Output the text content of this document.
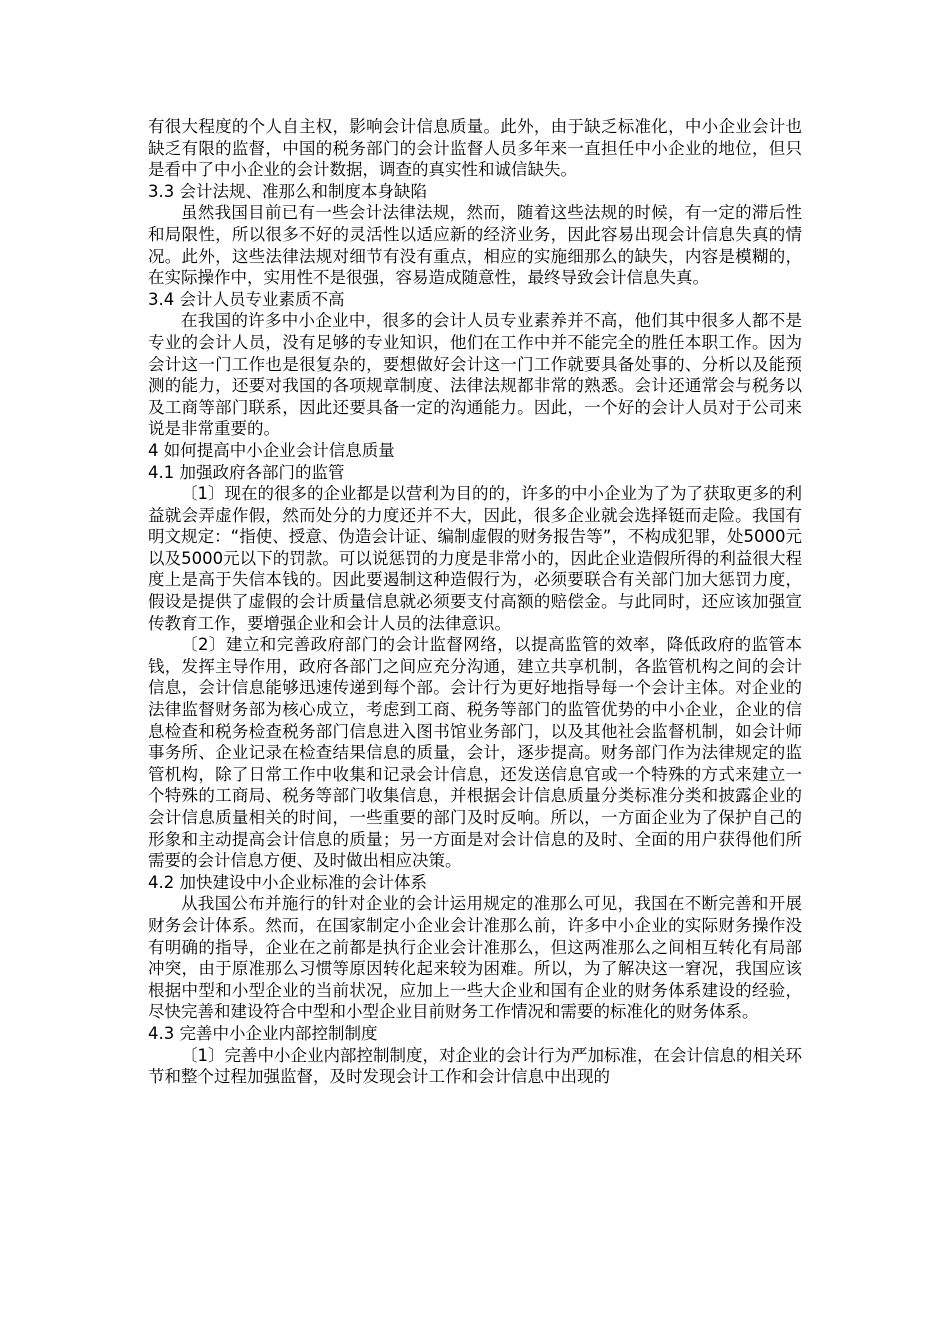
有很大程度的个人自主权，影响会计信息质量。此外，由于缺乏标准化，中小企业会计也缺乏有限的监督，中国的税务部门的会计监督人员多年来一直担任中小企业的地位，但只是看中了中小企业的会计数据，调查的真实性和诚信缺失。

3.3 会计法规、准那么和制度本身缺陷

虽然我国目前已有一些会计法律法规，然而，随着这些法规的时候，有一定的滞后性和局限性，所以很多不好的灵活性以适应新的经济业务，因此容易出现会计信息失真的情况。此外，这些法律法规对细节有没有重点，相应的实施细那么的缺失，内容是模糊的，在实际操作中，实用性不是很强，容易造成随意性，最终导致会计信息失真。

3.4 会计人员专业素质不高

在我国的许多中小企业中，很多的会计人员专业素养并不高，他们其中很多人都不是专业的会计人员，没有足够的专业知识，他们在工作中并不能完全的胜任本职工作。因为会计这一门工作也是很复杂的，要想做好会计这一门工作就要具备处事的、分析以及能预测的能力，还要对我国的各项规章制度、法律法规都非常的熟悉。会计还通常会与税务以及工商等部门联系，因此还要具备一定的沟通能力。因此，一个好的会计人员对于公司来说是非常重要的。

4 如何提高中小企业会计信息质量

4.1 加强政府各部门的监管

〔1〕现在的很多的企业都是以营利为目的的，许多的中小企业为了为了获取更多的利益就会弄虚作假，然而处分的力度还并不大，因此，很多企业就会选择铤而走险。我国有明文规定：“指使、授意、伪造会计证、编制虚假的财务报告等”，不构成犯罪，处5000元以及5000元以下的罚款。可以说惩罚的力度是非常小的，因此企业造假所得的利益很大程度上是高于失信本钱的。因此要遏制这种造假行为，必须要联合有关部门加大惩罚力度，假设是提供了虚假的会计质量信息就必须要支付高额的赔偿金。与此同时，还应该加强宣传教育工作，要增强企业和会计人员的法律意识。

〔2〕建立和完善政府部门的会计监督网络，以提高监管的效率，降低政府的监管本钱，发挥主导作用，政府各部门之间应充分沟通，建立共享机制，各监管机构之间的会计信息，会计信息能够迅速传递到每个部。会计行为更好地指导每一个会计主体。对企业的法律监督财务部为核心成立，考虑到工商、税务等部门的监管优势的中小企业，企业的信息检查和税务检查税务部门信息进入图书馆业务部门，以及其他社会监督机制，如会计师事务所、企业记录在检查结果信息的质量，会计，逐步提高。财务部门作为法律规定的监管机构，除了日常工作中收集和记录会计信息，还发送信息官或一个特殊的方式来建立一个特殊的工商局、税务等部门收集信息，并根据会计信息质量分类标准分类和披露企业的会计信息质量相关的时间，一些重要的部门及时反响。所以，一方面企业为了保护自己的形象和主动提高会计信息的质量；另一方面是对会计信息的及时、全面的用户获得他们所需要的会计信息方便、及时做出相应决策。

4.2 加快建设中小企业标准的会计体系

从我国公布并施行的针对企业的会计运用规定的准那么可见，我国在不断完善和开展财务会计体系。然而，在国家制定小企业会计准那么前，许多中小企业的实际财务操作没有明确的指导，企业在之前都是执行企业会计准那么，但这两准那么之间相互转化有局部冲突，由于原准那么习惯等原因转化起来较为困难。所以，为了解决这一窘况，我国应该根据中型和小型企业的当前状况，应加上一些大企业和国有企业的财务体系建设的经验，尽快完善和建设符合中型和小型企业目前财务工作情况和需要的标准化的财务体系。

4.3 完善中小企业内部控制制度

〔1〕完善中小企业内部控制制度，对企业的会计行为严加标准，在会计信息的相关环节和整个过程加强监督，及时发现会计工作和会计信息中出现的
